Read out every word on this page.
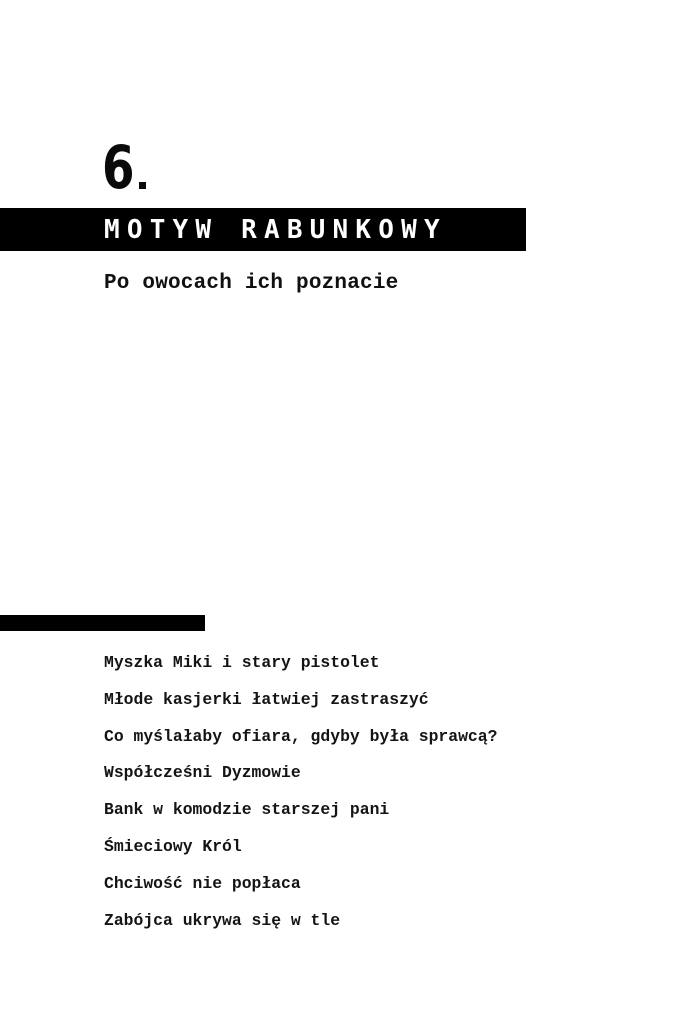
6
MOTYW RABUNKOWY
Po owocach ich poznacie
Myszka Miki i stary pistolet
Młode kasjerki łatwiej zastraszyć
Co myślałaby ofiara, gdyby była sprawcą?
Współcześni Dyzmowie
Bank w komodzie starszej pani
Śmieciowy Król
Chciwość nie popłaca
Zabójca ukrywa się w tle
